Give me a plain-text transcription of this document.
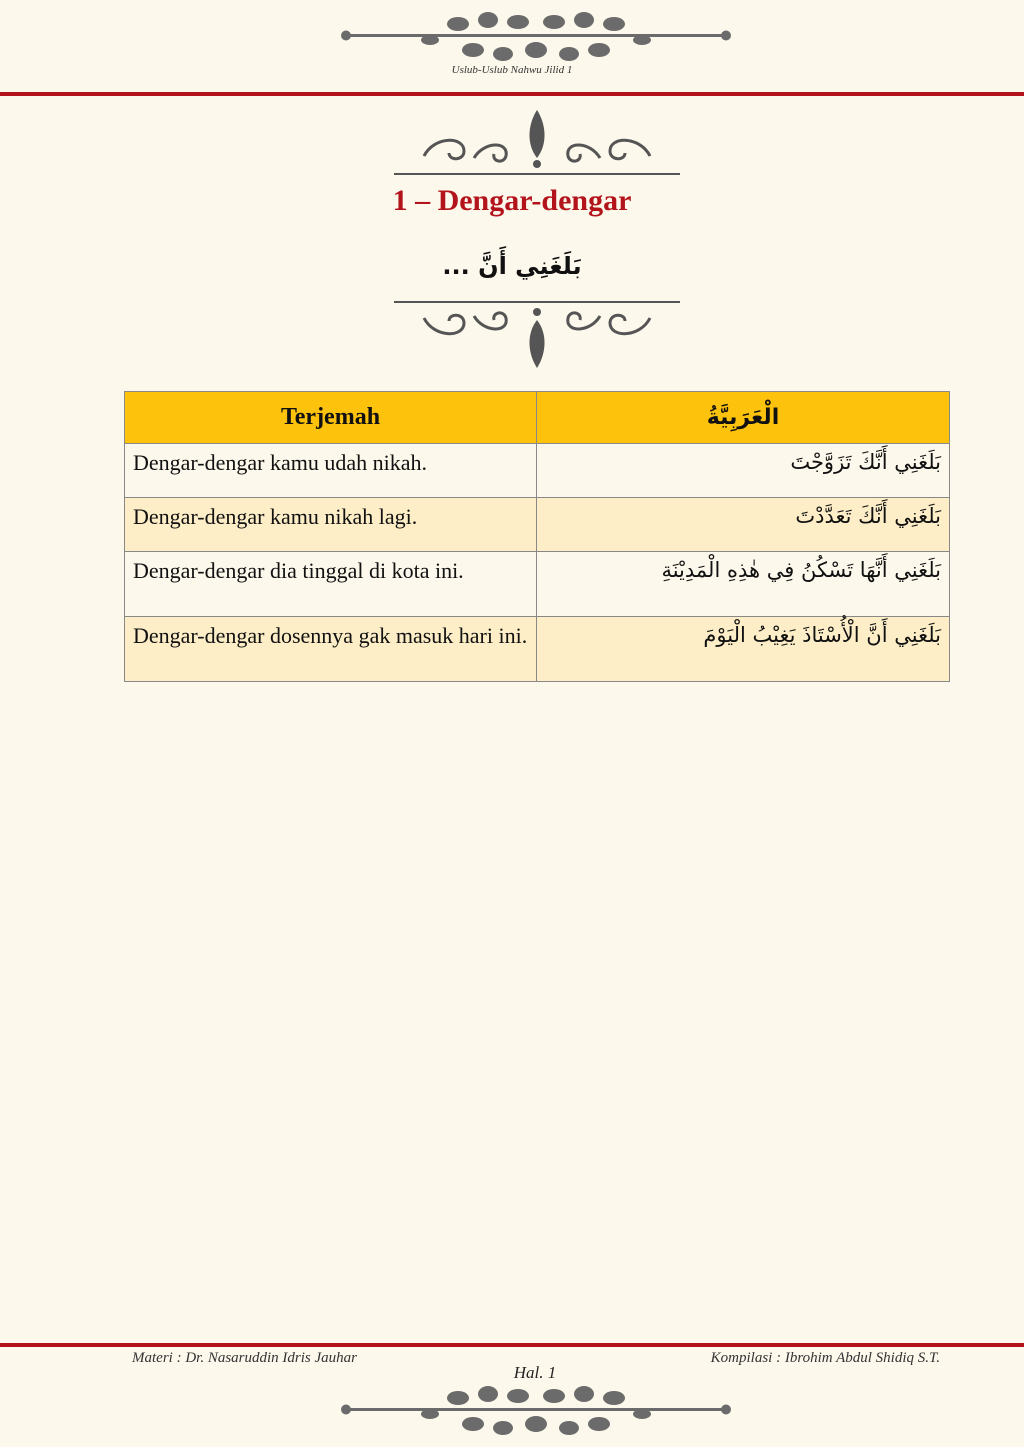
Uslub-Uslub Nahwu Jilid 1
1 – Dengar-dengar
بَلَغَنِي أَنَّ ...
Terjemah	الْعَرَبِيَّةُ
Dengar-dengar kamu udah nikah.	بَلَغَنِي أَنَّكَ تَزَوَّجْتَ
Dengar-dengar kamu nikah lagi.	بَلَغَنِي أَنَّكَ تَعَدَّدْتَ
Dengar-dengar dia tinggal di kota ini.	بَلَغَنِي أَنَّهَا تَسْكُنُ فِي هٰذِهِ الْمَدِيْنَةِ
Dengar-dengar dosennya gak masuk hari ini.	بَلَغَنِي أَنَّ الْأُسْتَاذَ يَغِيْبُ الْيَوْمَ
Materi : Dr. Nasaruddin Idris Jauhar	Kompilasi : Ibrohim Abdul Shidiq S.T.
Hal. 1
